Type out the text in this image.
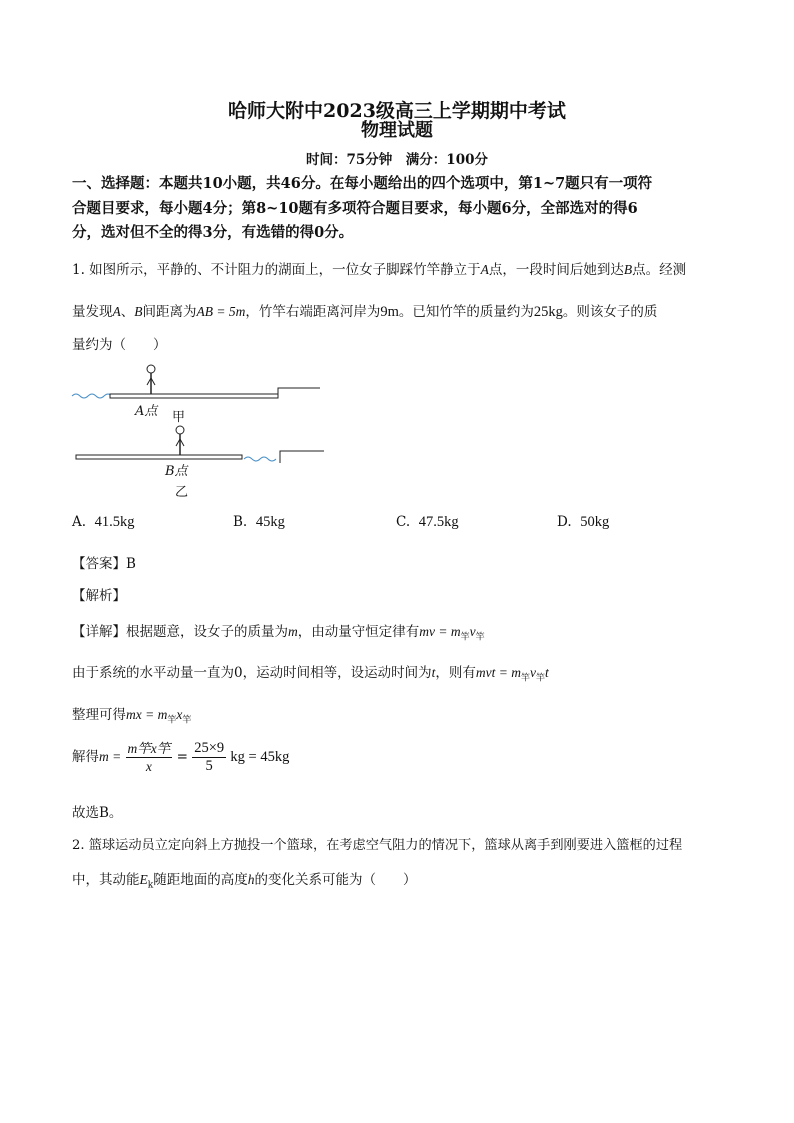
哈师大附中2023级高三上学期期中考试
物理试题
时间：75分钟　满分：100分
一、选择题：本题共10小题，共46分。在每小题给出的四个选项中，第1~7题只有一项符
合题目要求，每小题4分；第8~10题有多项符合题目要求，每小题6分，全部选对的得6
分，选对但不全的得3分，有选错的得0分。
1. 如图所示，平静的、不计阻力的湖面上，一位女子脚踩竹竿静立于A点，一段时间后她到达B点。经测
量发现A、B间距离为AB = 5m，竹竿右端距离河岸为9m。已知竹竿的质量约为25kg。则该女子的质
量约为（　　）
A点 甲
B点
乙
A. 41.5kg	B. 45kg	C. 47.5kg	D. 50kg
【答案】B
【解析】
【详解】根据题意，设女子的质量为m，由动量守恒定律有mv = $m_竿v_竿$
由于系统的水平动量一直为0，运动时间相等，设运动时间为t，则有mvt = $m_竿v_竿t$
整理可得mx = $m_竿x_竿$
解得$m = \frac{\text{m竿x竿}}{x} = \frac{25\times 9}{5}$ kg = 45kg
故选B。
2. 篮球运动员立定向斜上方抛投一个篮球，在考虑空气阻力的情况下，篮球从离手到刚要进入篮框的过程
中，其动能$E_k$随距地面的高度h的变化关系可能为（　　）
